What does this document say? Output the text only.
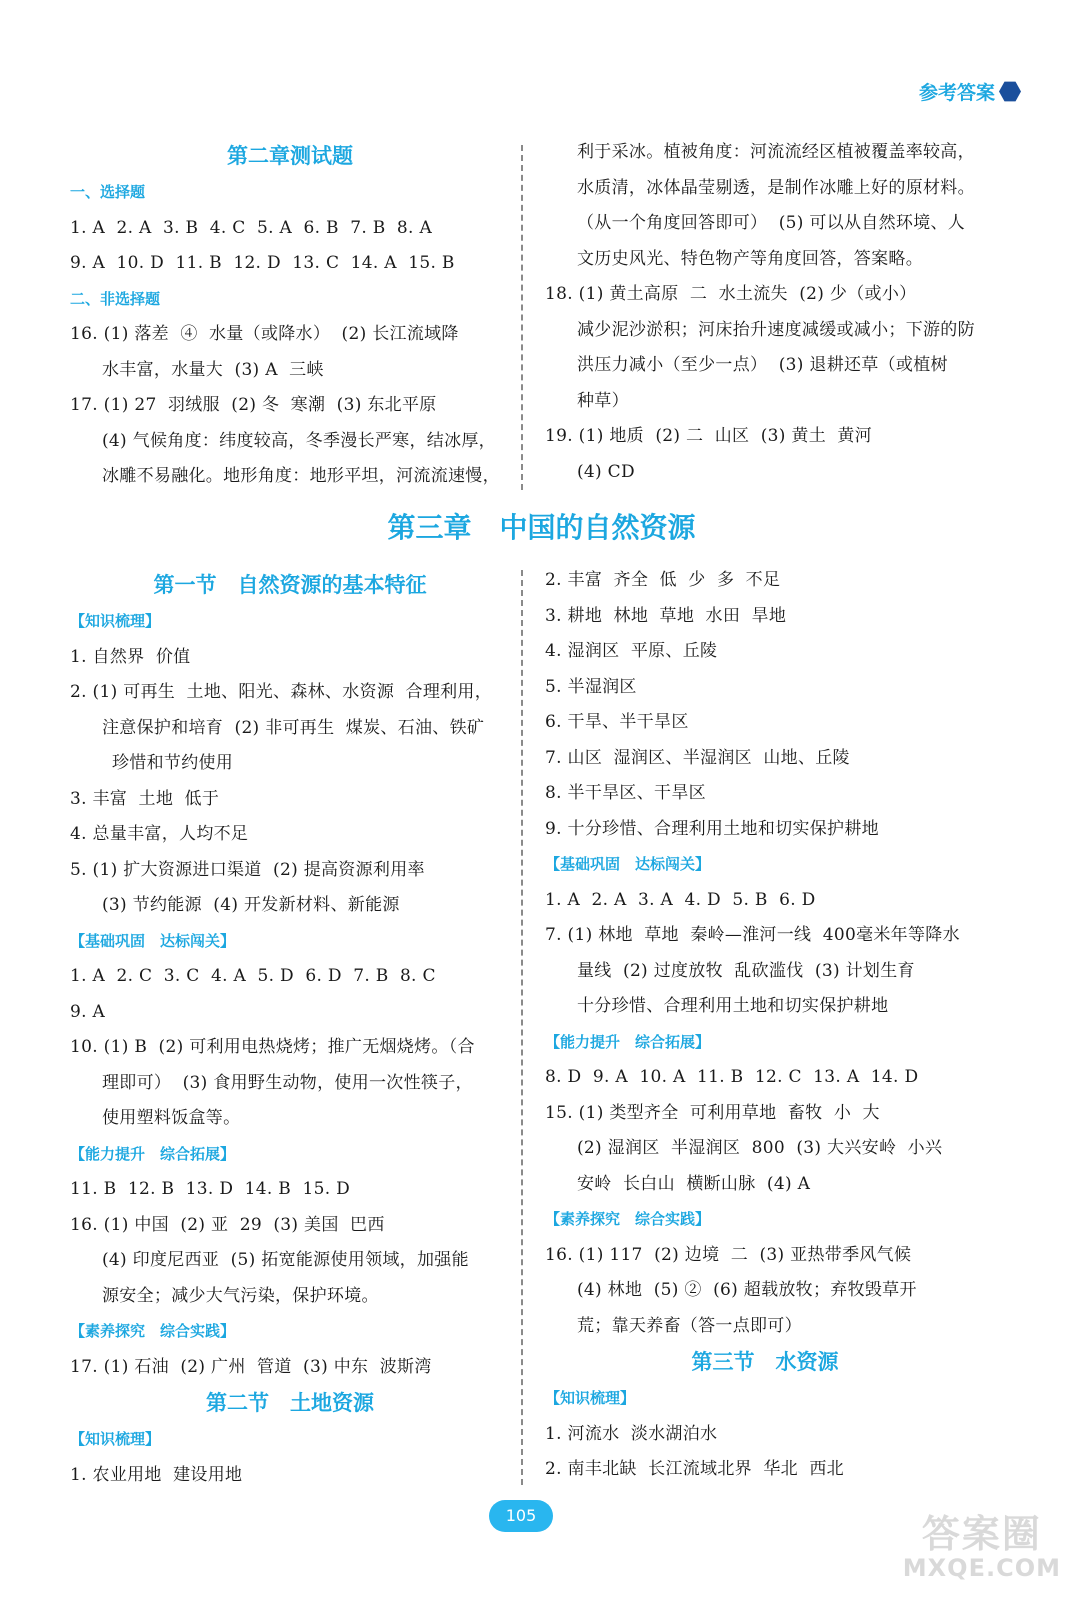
参考答案
第二章测试题
一、选择题
1. A  2. A  3. B  4. C  5. A  6. B  7. B  8. A
9. A  10. D  11. B  12. D  13. C  14. A  15. B
二、非选择题
16. (1) 落差  ④  水量（或降水）  (2) 长江流域降
水丰富，水量大  (3) A  三峡
17. (1) 27  羽绒服  (2) 冬  寒潮  (3) 东北平原
(4) 气候角度：纬度较高，冬季漫长严寒，结冰厚，
冰雕不易融化。地形角度：地形平坦，河流流速慢，
利于采冰。植被角度：河流流经区植被覆盖率较高，
水质清，冰体晶莹剔透，是制作冰雕上好的原材料。
（从一个角度回答即可）  (5) 可以从自然环境、人
文历史风光、特色物产等角度回答，答案略。
18. (1) 黄土高原  二  水土流失  (2) 少（或小）
减少泥沙淤积；河床抬升速度减缓或减小；下游的防
洪压力减小（至少一点）  (3) 退耕还草（或植树
种草）
19. (1) 地质  (2) 二  山区  (3) 黄土  黄河
(4) CD
第三章　中国的自然资源
第一节　自然资源的基本特征
【知识梳理】
1. 自然界  价值
2. (1) 可再生  土地、阳光、森林、水资源  合理利用，
注意保护和培育  (2) 非可再生  煤炭、石油、铁矿
珍惜和节约使用
3. 丰富  土地  低于
4. 总量丰富，人均不足
5. (1) 扩大资源进口渠道  (2) 提高资源利用率
(3) 节约能源  (4) 开发新材料、新能源
【基础巩固　达标闯关】
1. A  2. C  3. C  4. A  5. D  6. D  7. B  8. C
9. A
10. (1) B  (2) 可利用电热烧烤；推广无烟烧烤。（合
理即可）  (3) 食用野生动物，使用一次性筷子，
使用塑料饭盒等。
【能力提升　综合拓展】
11. B  12. B  13. D  14. B  15. D
16. (1) 中国  (2) 亚  29  (3) 美国  巴西
(4) 印度尼西亚  (5) 拓宽能源使用领域，加强能
源安全；减少大气污染，保护环境。
【素养探究　综合实践】
17. (1) 石油  (2) 广州  管道  (3) 中东  波斯湾
第二节　土地资源
【知识梳理】
1. 农业用地  建设用地
2. 丰富  齐全  低  少  多  不足
3. 耕地  林地  草地  水田  旱地
4. 湿润区  平原、丘陵
5. 半湿润区
6. 干旱、半干旱区
7. 山区  湿润区、半湿润区  山地、丘陵
8. 半干旱区、干旱区
9. 十分珍惜、合理利用土地和切实保护耕地
【基础巩固　达标闯关】
1. A  2. A  3. A  4. D  5. B  6. D
7. (1) 林地  草地  秦岭—淮河一线  400毫米年等降水
量线  (2) 过度放牧  乱砍滥伐  (3) 计划生育
十分珍惜、合理利用土地和切实保护耕地
【能力提升　综合拓展】
8. D  9. A  10. A  11. B  12. C  13. A  14. D
15. (1) 类型齐全  可利用草地  畜牧  小  大
(2) 湿润区  半湿润区  800  (3) 大兴安岭  小兴
安岭  长白山  横断山脉  (4) A
【素养探究　综合实践】
16. (1) 117  (2) 边境  二  (3) 亚热带季风气候
(4) 林地  (5) ②  (6) 超载放牧；弃牧毁草开
荒；靠天养畜（答一点即可）
第三节　水资源
【知识梳理】
1. 河流水  淡水湖泊水
2. 南丰北缺  长江流域北界  华北  西北
105	答案圈
MXQE.COM
